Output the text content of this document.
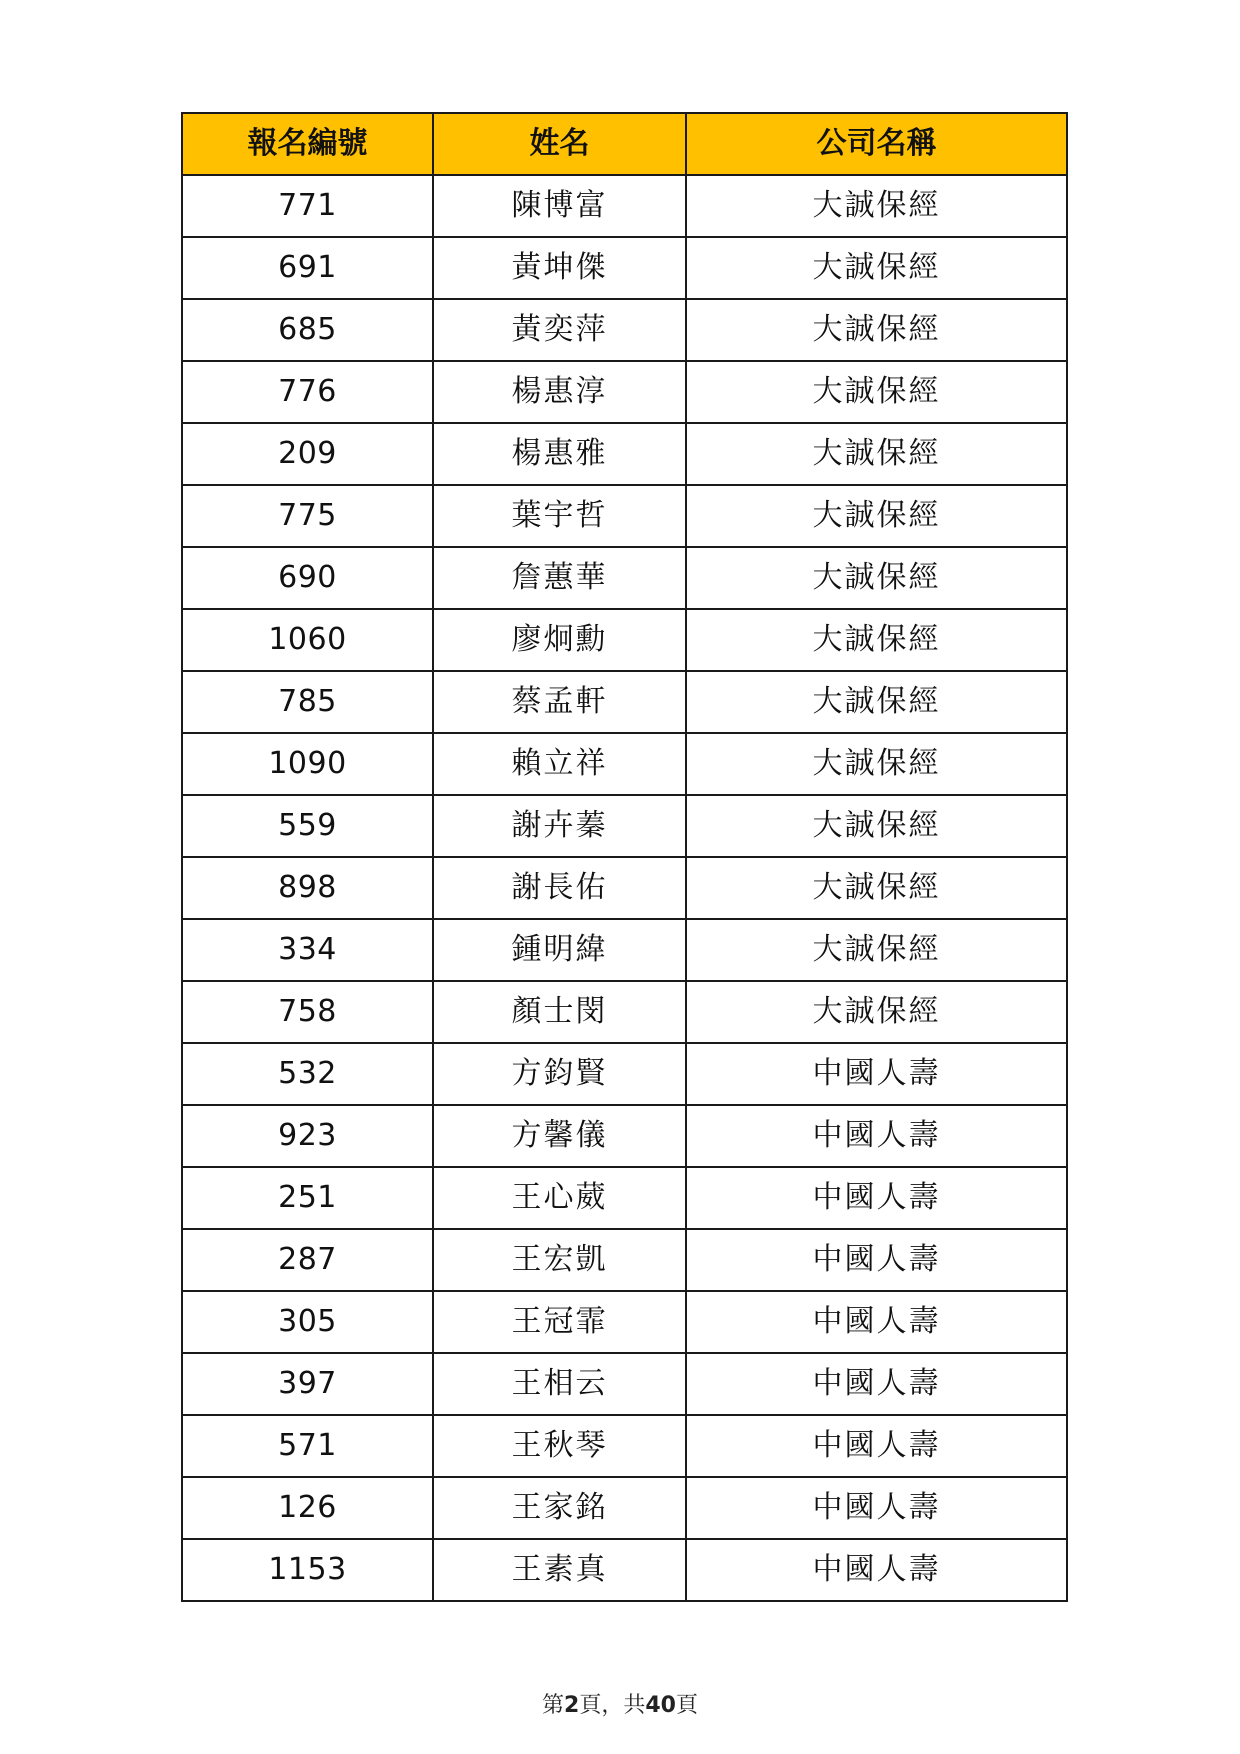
報名編號	姓名	公司名稱
771	陳博富	大誠保經
691	黃坤傑	大誠保經
685	黃奕萍	大誠保經
776	楊惠淳	大誠保經
209	楊惠雅	大誠保經
775	葉宇哲	大誠保經
690	詹蕙華	大誠保經
1060	廖炯勳	大誠保經
785	蔡孟軒	大誠保經
1090	賴立祥	大誠保經
559	謝卉蓁	大誠保經
898	謝長佑	大誠保經
334	鍾明緯	大誠保經
758	顏士閔	大誠保經
532	方鈞賢	中國人壽
923	方馨儀	中國人壽
251	王心葳	中國人壽
287	王宏凱	中國人壽
305	王冠霏	中國人壽
397	王相云	中國人壽
571	王秋琴	中國人壽
126	王家銘	中國人壽
1153	王素真	中國人壽
第2頁，共40頁
